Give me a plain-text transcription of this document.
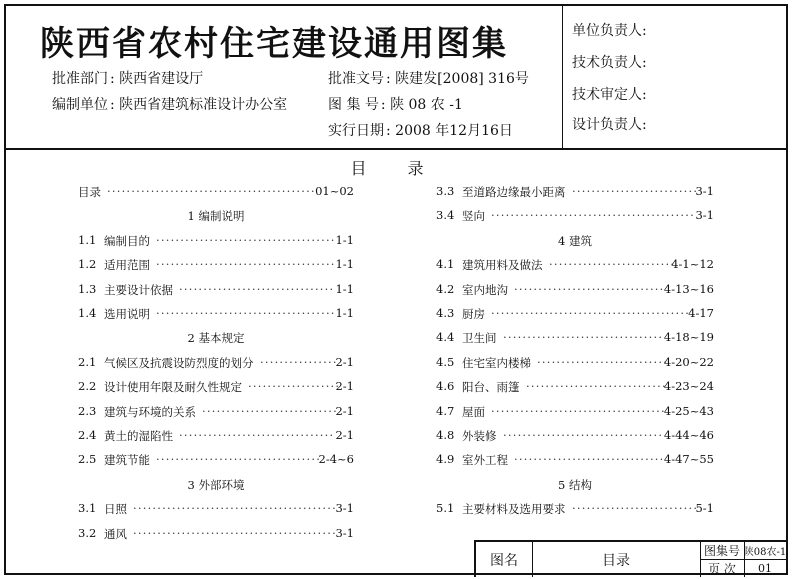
陕西省农村住宅建设通用图集
批准部门 : 陕西省建设厅
编制单位 : 陕西省建筑标准设计办公室
批准文号 : 陕建发[2008] 316号
图 集 号 : 陕 08 农 -1
实行日期 : 2008 年12月16日
单位负责人:
技术负责人:
技术审定人:
设计负责人:
目 录
目录 ··········································· 01~02
1 编制说明
1.1 编制目的 ····································· 1-1
1.2 适用范围 ····································· 1-1
1.3 主要设计依据 ································ 1-1
1.4 选用说明 ····································· 1-1
2 基本规定
2.1 气候区及抗震设防烈度的划分 ················
2-1
2.2 设计使用年限及耐久性规定 ···················
2-1
2.3 建筑与环境的关系 ····························
2-1
2.4 黄土的湿陷性 ································ 2-1
2.5 建筑节能 ··································
2-4~6
3 外部环境
3.1 日照 ··········································
3-1
3.2 通风 ··········································
3-1
3.3 至道路边缘最小距离 ··························
3-1
3.4 竖向 ·········································· 3-1
4 建筑
4.1 建筑用料及做法 ··························
4-1~12
4.2 室内地沟 ······························· 4-13~16
4.3 厨房 ·········································
4-17
4.4 卫生间 ································· 4-18~19
4.5 住宅室内楼梯 ···························
4-20~22
4.6 阳台、雨篷 ·····························
4-23~24
4.7 屋面 ····································
4-25~43
4.8 外装修 ································· 4-44~46
4.9 室外工程 ······························· 4-47~55
5 结构
5.1 主要材料及选用要求 ··························
5-1
图名	目录
图集号 陕08农-1
页 次	01
